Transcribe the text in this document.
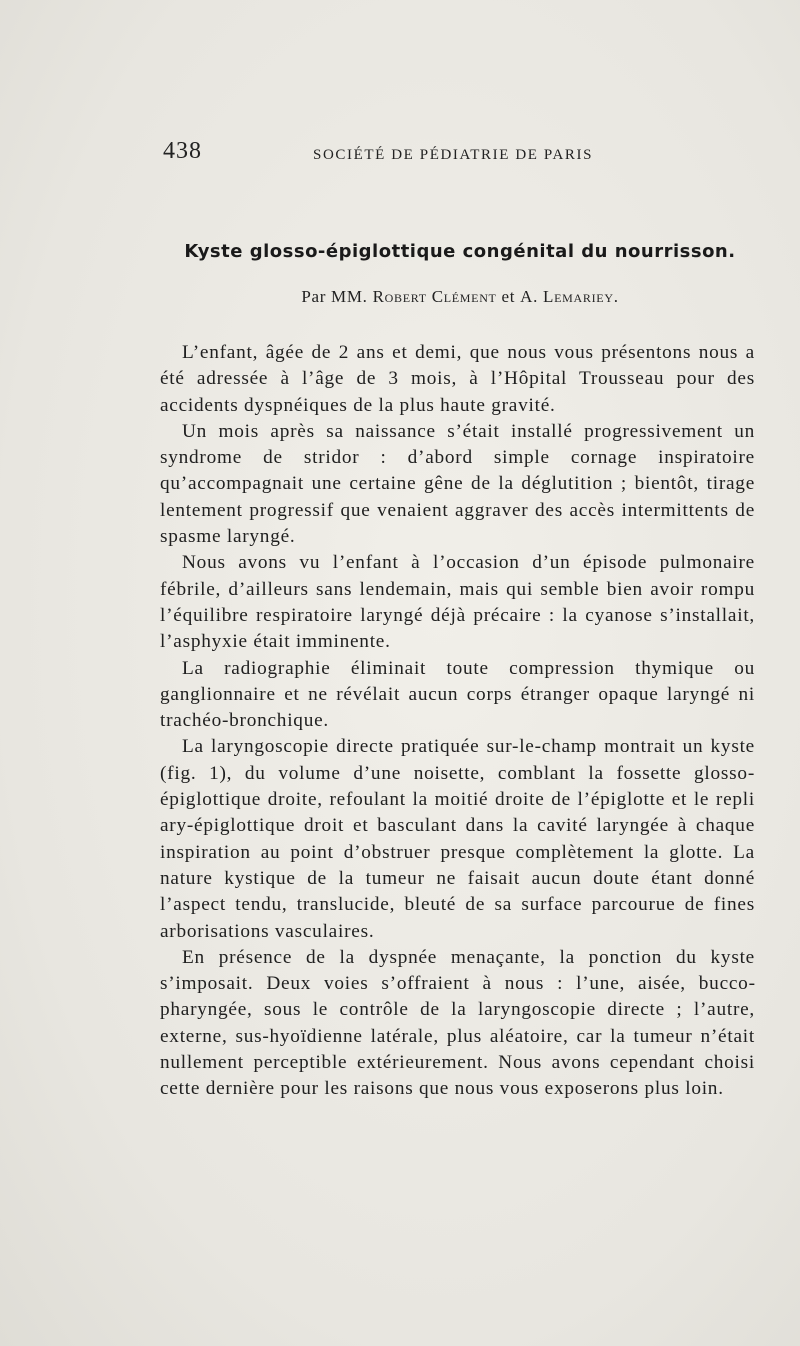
438	SOCIÉTÉ DE PÉDIATRIE DE PARIS
Kyste glosso-épiglottique congénital du nourrisson.

Par MM. Robert Clément et A. Lemariey.

L’enfant, âgée de 2 ans et demi, que nous vous présentons nous a été adressée à l’âge de 3 mois, à l’Hôpital Trousseau pour des accidents dyspnéiques de la plus haute gravité.

Un mois après sa naissance s’était installé progressivement un syndrome de stridor : d’abord simple cornage inspiratoire qu’accompagnait une certaine gêne de la déglutition ; bientôt, tirage lentement progressif que venaient aggraver des accès intermittents de spasme laryngé.

Nous avons vu l’enfant à l’occasion d’un épisode pulmonaire fébrile, d’ailleurs sans lendemain, mais qui semble bien avoir rompu l’équilibre respiratoire laryngé déjà précaire : la cyanose s’installait, l’asphyxie était imminente.

La radiographie éliminait toute compression thymique ou ganglionnaire et ne révélait aucun corps étranger opaque laryngé ni trachéo-bronchique.

La laryngoscopie directe pratiquée sur-le-champ montrait un kyste (fig. 1), du volume d’une noisette, comblant la fossette glosso-épiglottique droite, refoulant la moitié droite de l’épiglotte et le repli ary-épiglottique droit et basculant dans la cavité laryngée à chaque inspiration au point d’obstruer presque complètement la glotte. La nature kystique de la tumeur ne faisait aucun doute étant donné l’aspect tendu, translucide, bleuté de sa surface parcourue de fines arborisations vasculaires.

En présence de la dyspnée menaçante, la ponction du kyste s’imposait. Deux voies s’offraient à nous : l’une, aisée, buccopharyngée, sous le contrôle de la laryngoscopie directe ; l’autre, externe, sus-hyoïdienne latérale, plus aléatoire, car la tumeur n’était nullement perceptible extérieurement. Nous avons cependant choisi cette dernière pour les raisons que nous vous exposerons plus loin.
